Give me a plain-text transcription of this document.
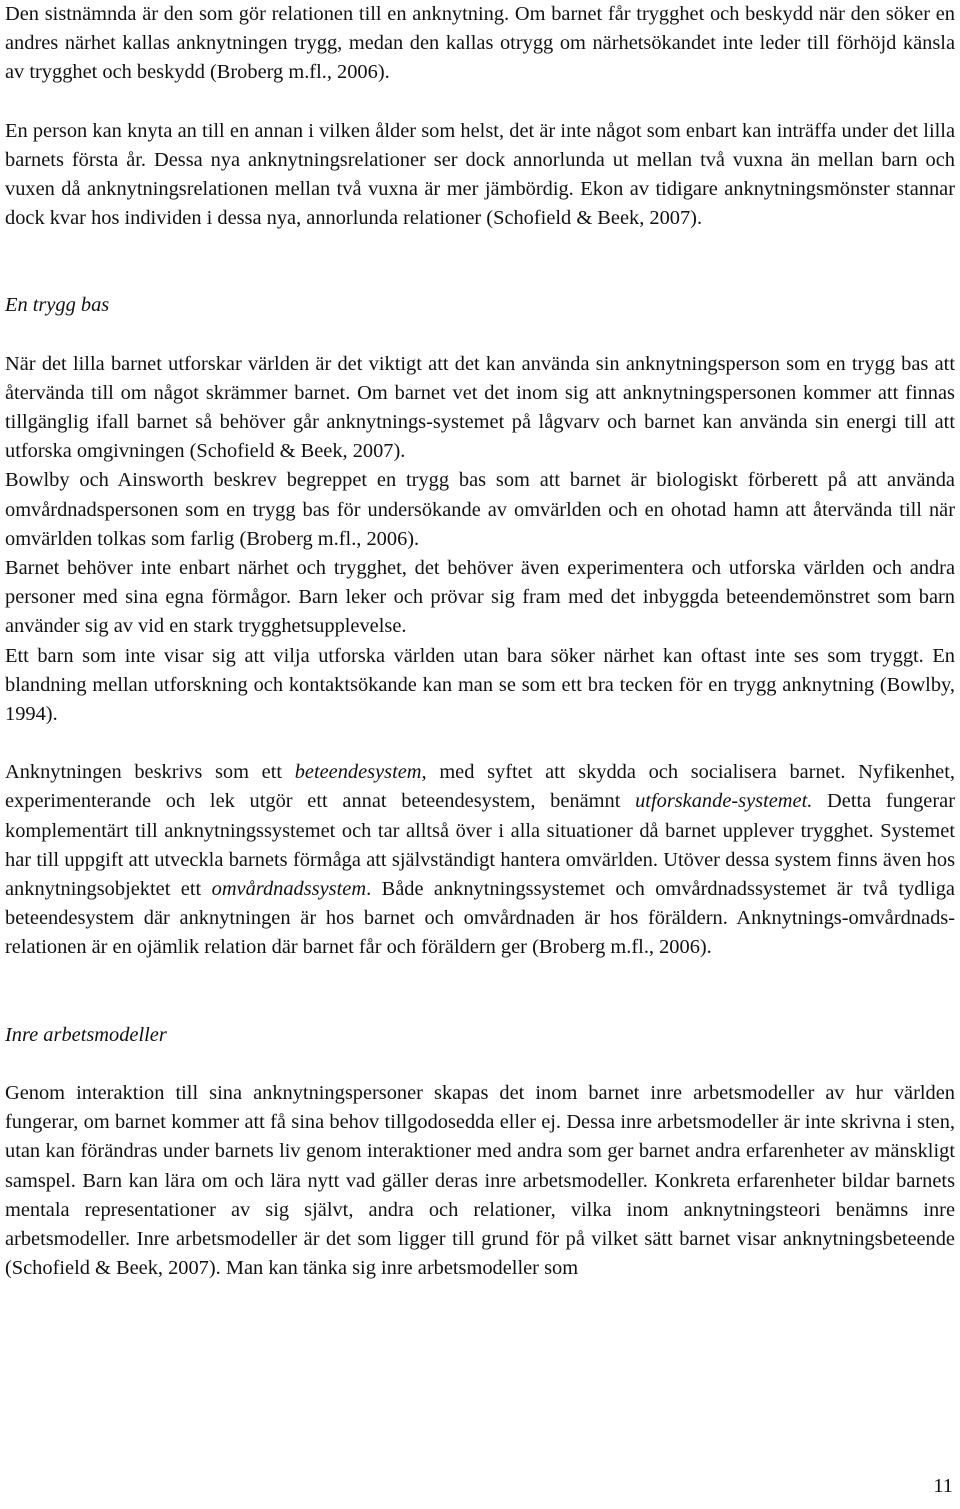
Den sistnämnda är den som gör relationen till en anknytning. Om barnet får trygghet och beskydd när den söker en andres närhet kallas anknytningen trygg, medan den kallas otrygg om närhetsökandet inte leder till förhöjd känsla av trygghet och beskydd (Broberg m.fl., 2006).

En person kan knyta an till en annan i vilken ålder som helst, det är inte något som enbart kan inträffa under det lilla barnets första år. Dessa nya anknytningsrelationer ser dock annorlunda ut mellan två vuxna än mellan barn och vuxen då anknytningsrelationen mellan två vuxna är mer jämbördig. Ekon av tidigare anknytningsmönster stannar dock kvar hos individen i dessa nya, annorlunda relationer (Schofield & Beek, 2007).

En trygg bas

När det lilla barnet utforskar världen är det viktigt att det kan använda sin anknytningsperson som en trygg bas att återvända till om något skrämmer barnet. Om barnet vet det inom sig att anknytningspersonen kommer att finnas tillgänglig ifall barnet så behöver går anknytnings-systemet på lågvarv och barnet kan använda sin energi till att utforska omgivningen (Schofield & Beek, 2007).

Bowlby och Ainsworth beskrev begreppet en trygg bas som att barnet är biologiskt förberett på att använda omvårdnadspersonen som en trygg bas för undersökande av omvärlden och en ohotad hamn att återvända till när omvärlden tolkas som farlig (Broberg m.fl., 2006).

Barnet behöver inte enbart närhet och trygghet, det behöver även experimentera och utforska världen och andra personer med sina egna förmågor. Barn leker och prövar sig fram med det inbyggda beteendemönstret som barn använder sig av vid en stark trygghetsupplevelse.

Ett barn som inte visar sig att vilja utforska världen utan bara söker närhet kan oftast inte ses som tryggt. En blandning mellan utforskning och kontaktsökande kan man se som ett bra tecken för en trygg anknytning (Bowlby, 1994).

Anknytningen beskrivs som ett beteendesystem, med syftet att skydda och socialisera barnet. Nyfikenhet, experimenterande och lek utgör ett annat beteendesystem, benämnt utforskande-systemet. Detta fungerar komplementärt till anknytningssystemet och tar alltså över i alla situationer då barnet upplever trygghet. Systemet har till uppgift att utveckla barnets förmåga att självständigt hantera omvärlden. Utöver dessa system finns även hos anknytningsobjektet ett omvårdnadssystem. Både anknytningssystemet och omvårdnadssystemet är två tydliga beteendesystem där anknytningen är hos barnet och omvårdnaden är hos föräldern. Anknytnings-omvårdnads-relationen är en ojämlik relation där barnet får och föräldern ger (Broberg m.fl., 2006).

Inre arbetsmodeller

Genom interaktion till sina anknytningspersoner skapas det inom barnet inre arbetsmodeller av hur världen fungerar, om barnet kommer att få sina behov tillgodosedda eller ej. Dessa inre arbetsmodeller är inte skrivna i sten, utan kan förändras under barnets liv genom interaktioner med andra som ger barnet andra erfarenheter av mänskligt samspel. Barn kan lära om och lära nytt vad gäller deras inre arbetsmodeller. Konkreta erfarenheter bildar barnets mentala representationer av sig självt, andra och relationer, vilka inom anknytningsteori benämns inre arbetsmodeller. Inre arbetsmodeller är det som ligger till grund för på vilket sätt barnet visar anknytningsbeteende (Schofield & Beek, 2007). Man kan tänka sig inre arbetsmodeller som

11
